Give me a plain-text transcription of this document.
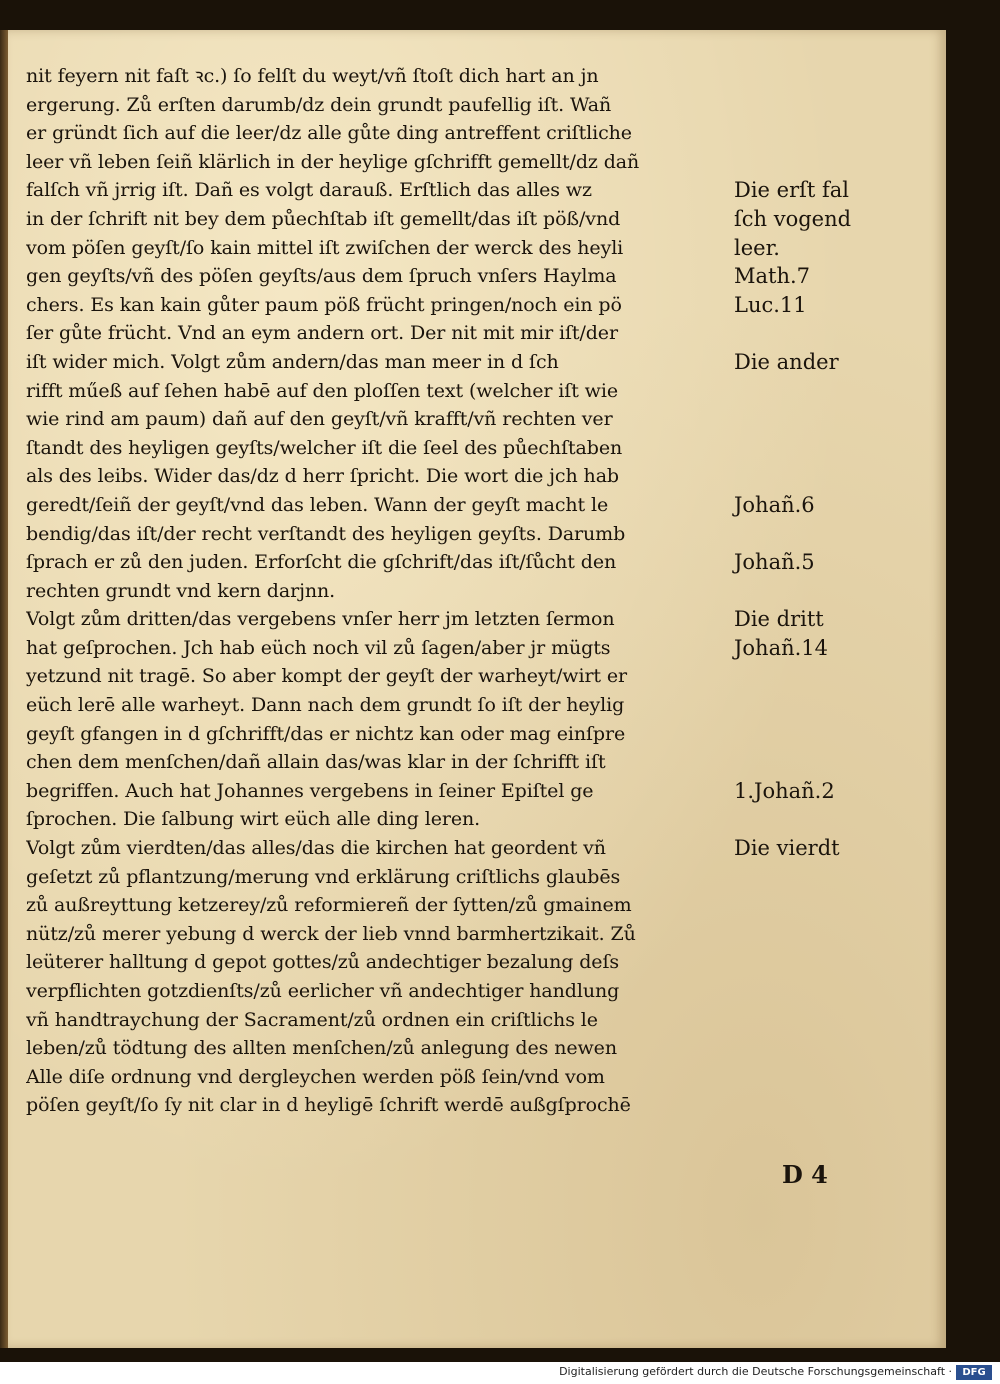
nit feyern nit faſt ꝛc.) ſo felſt du weyt/vñ ſtoſt dich hart an jn
ergerung. Zů erſten darumb/dz dein grundt paufellig iſt. Wañ
er gründt ſich auf die leer/dz alle gůte ding antreffent criſtliche
leer vñ leben ſeiñ klärlich in der heylige gſchrifft gemellt/dz dañ
falſch vñ jrrig iſt. Dañ es volgt darauß. Erſtlich das alles wz
in der ſchrift nit bey dem půechſtab iſt gemellt/das iſt pöß/vnd
vom pöſen geyſt/ſo kain mittel iſt zwiſchen der werck des heyli
gen geyſts/vñ des pöſen geyſts/aus dem ſpruch vnſers Haylma
chers. Es kan kain gůter paum pöß frücht pringen/noch ein pö
ſer gůte frücht. Vnd an eym andern ort. Der nit mit mir iſt/der
iſt wider mich. Volgt zům andern/das man meer in d ſch
rifft műeß auf ſehen habē auf den ploſſen text (welcher iſt wie
wie rind am paum) dañ auf den geyſt/vñ krafft/vñ rechten ver
ſtandt des heyligen geyſts/welcher iſt die ſeel des půechſtaben
als des leibs. Wider das/dz d herr ſpricht. Die wort die jch hab
geredt/ſeiñ der geyſt/vnd das leben. Wann der geyſt macht le
bendig/das iſt/der recht verſtandt des heyligen geyſts. Darumb
ſprach er zů den juden. Erforſcht die gſchrift/das iſt/ſůcht den
rechten grundt vnd kern darjnn.
Volgt zům dritten/das vergebens vnſer herr jm letzten ſermon
hat geſprochen. Jch hab eüch noch vil zů ſagen/aber jr mügts
yetzund nit tragē. So aber kompt der geyſt der warheyt/wirt er
eüch lerē alle warheyt. Dann nach dem grundt ſo iſt der heylig
geyſt gfangen in d gſchrifft/das er nichtz kan oder mag einſpre
chen dem menſchen/dañ allain das/was klar in der ſchrifft iſt
begriffen. Auch hat Johannes vergebens in ſeiner Epiſtel ge
ſprochen. Die ſalbung wirt eüch alle ding leren.
Volgt zům vierdten/das alles/das die kirchen hat geordent vñ
geſetzt zů pflantzung/merung vnd erklärung criſtlichs glaubēs
zů außreyttung ketzerey/zů reformiereñ der ſytten/zů gmainem
nütz/zů merer yebung d werck der lieb vnnd barmhertzikait. Zů
leüterer halltung d gepot gottes/zů andechtiger bezalung deſs
verpflichten gotzdienſts/zů eerlicher vñ andechtiger handlung
vñ handtraychung der Sacrament/zů ordnen ein criſtlichs le
leben/zů tödtung des allten menſchen/zů anlegung des newen
Alle diſe ordnung vnd dergleychen werden pöß ſein/vnd vom
pöſen geyſt/ſo ſy nit clar in d heyligē ſchrift werdē außgſprochē
Die erſt fal
ſch vogend
leer.
Math.7
Luc.11
Die ander
Johañ.6
Johañ.5
Die dritt
Johañ.14
1.Johañ.2
Die vierdt
D 4
Digitalisierung gefördert durch die Deutsche Forschungsgemeinschaft ·	DFG
